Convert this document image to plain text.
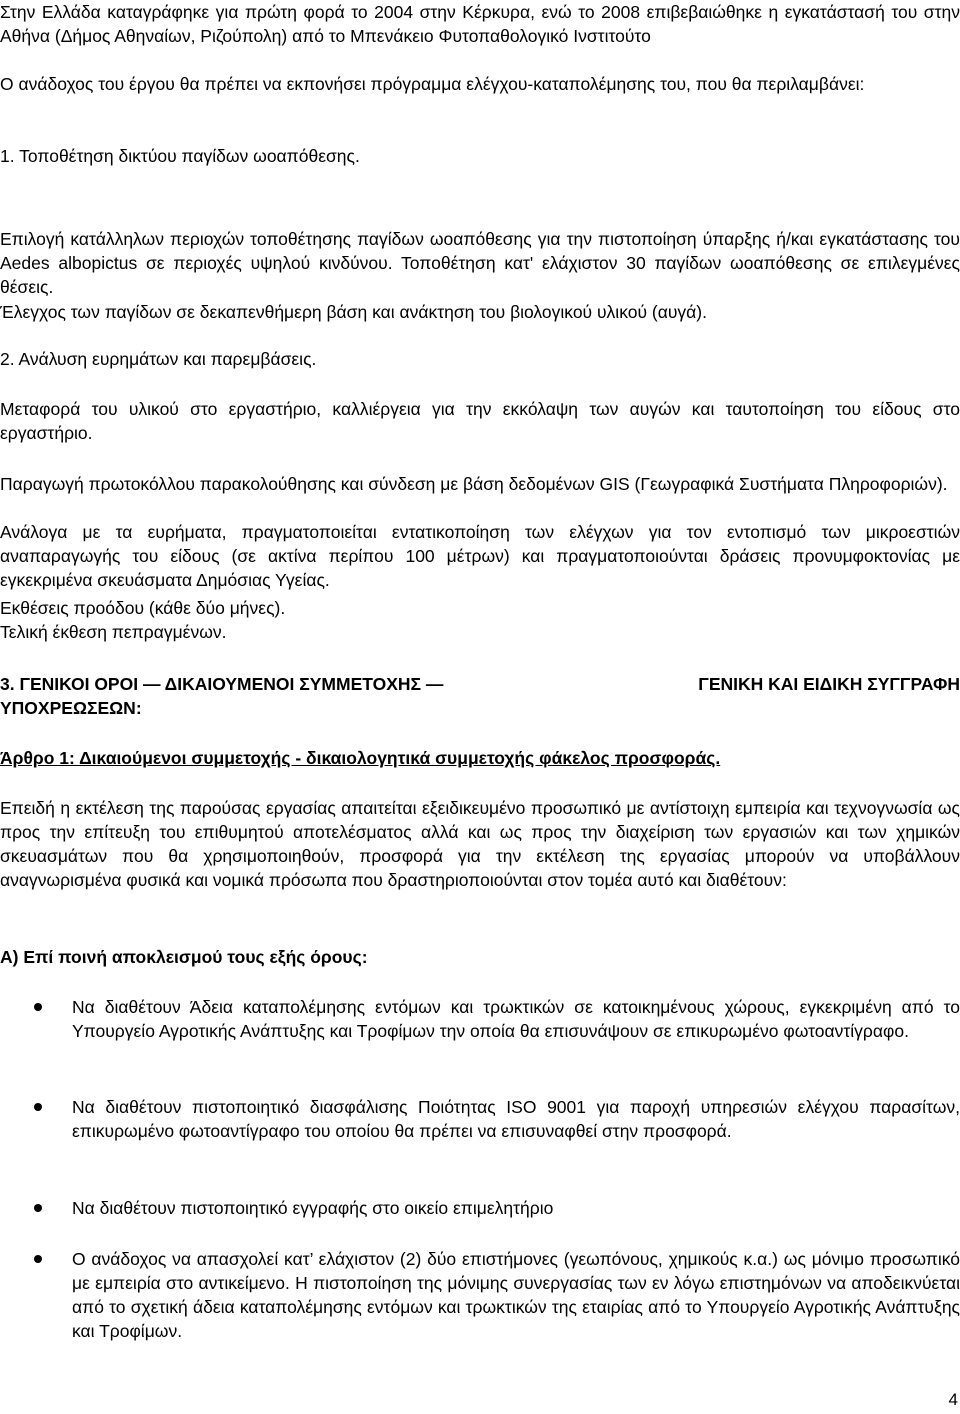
Στην Ελλάδα καταγράφηκε για πρώτη φορά το 2004 στην Κέρκυρα, ενώ το 2008 επιβεβαιώθηκε η εγκατάστασή του στην Αθήνα (Δήμος Αθηναίων, Ριζούπολη) από το Μπενάκειο Φυτοπαθολογικό Ινστιτούτο

Ο ανάδοχος του έργου θα πρέπει να εκπονήσει πρόγραμμα ελέγχου-καταπολέμησης του, που θα περιλαμβάνει:

1. Τοποθέτηση δικτύου παγίδων ωοαπόθεσης.

Επιλογή κατάλληλων περιοχών τοποθέτησης παγίδων ωοαπόθεσης για την πιστοποίηση ύπαρξης ή/και εγκατάστασης του Aedes albopictus σε περιοχές υψηλού κινδύνου. Τοποθέτηση κατ' ελάχιστον 30 παγίδων ωοαπόθεσης σε επιλεγμένες θέσεις.

Έλεγχος των παγίδων σε δεκαπενθήμερη βάση και ανάκτηση του βιολογικού υλικού (αυγά).

2. Ανάλυση ευρημάτων και παρεμβάσεις.

Μεταφορά του υλικού στο εργαστήριο, καλλιέργεια για την εκκόλαψη των αυγών και ταυτοποίηση του είδους στο εργαστήριο.

Παραγωγή πρωτοκόλλου παρακολούθησης και σύνδεση με βάση δεδομένων GIS (Γεωγραφικά Συστήματα Πληροφοριών).

Ανάλογα με τα ευρήματα, πραγματοποιείται εντατικοποίηση των ελέγχων για τον εντοπισμό των μικροεστιών αναπαραγωγής του είδους (σε ακτίνα περίπου 100 μέτρων) και πραγματοποιούνται δράσεις προνυμφοκτονίας με εγκεκριμένα σκευάσματα Δημόσιας Υγείας.

Εκθέσεις προόδου (κάθε δύο μήνες).

Τελική έκθεση πεπραγμένων.

3. ΓΕΝΙΚΟΙ ΟΡΟΙ — ΔΙΚΑΙΟΥΜΕΝΟΙ ΣΥΜΜΕΤΟΧΗΣ —	ΓΕΝΙΚΗ ΚΑΙ ΕΙΔΙΚΗ ΣΥΓΓΡΑΦΗ
ΥΠΟΧΡΕΩΣΕΩΝ:

Άρθρο 1: Δικαιούμενοι συμμετοχής - δικαιολογητικά συμμετοχής φάκελος προσφοράς.

Επειδή η εκτέλεση της παρούσας εργασίας απαιτείται εξειδικευμένο προσωπικό με αντίστοιχη εμπειρία και τεχνογνωσία ως προς την επίτευξη του επιθυμητού αποτελέσματος αλλά και ως προς την διαχείριση των εργασιών και των χημικών σκευασμάτων που θα χρησιμοποιηθούν, προσφορά για την εκτέλεση της εργασίας μπορούν να υποβάλλουν αναγνωρισμένα φυσικά και νομικά πρόσωπα που δραστηριοποιούνται στον τομέα αυτό και διαθέτουν:

Α) Επί ποινή αποκλεισμού τους εξής όρους:

Να διαθέτουν Άδεια καταπολέμησης εντόμων και τρωκτικών σε κατοικημένους χώρους, εγκεκριμένη από το Υπουργείο Αγροτικής Ανάπτυξης και Τροφίμων την οποία θα επισυνάψουν σε επικυρωμένο φωτοαντίγραφο.
Να διαθέτουν πιστοποιητικό διασφάλισης Ποιότητας ISO 9001 για παροχή υπηρεσιών ελέγχου παρασίτων, επικυρωμένο φωτοαντίγραφο του οποίου θα πρέπει να επισυναφθεί στην προσφορά.
Να διαθέτουν πιστοποιητικό εγγραφής στο οικείο επιμελητήριο
Ο ανάδοχος να απασχολεί κατ’ ελάχιστον (2) δύο επιστήμονες (γεωπόνους, χημικούς κ.α.) ως μόνιμο προσωπικό με εμπειρία στο αντικείμενο. Η πιστοποίηση της μόνιμης συνεργασίας των εν λόγω επιστημόνων να αποδεικνύεται από το σχετική άδεια καταπολέμησης εντόμων και τρωκτικών της εταιρίας από το Υπουργείο Αγροτικής Ανάπτυξης και Τροφίμων.
4
